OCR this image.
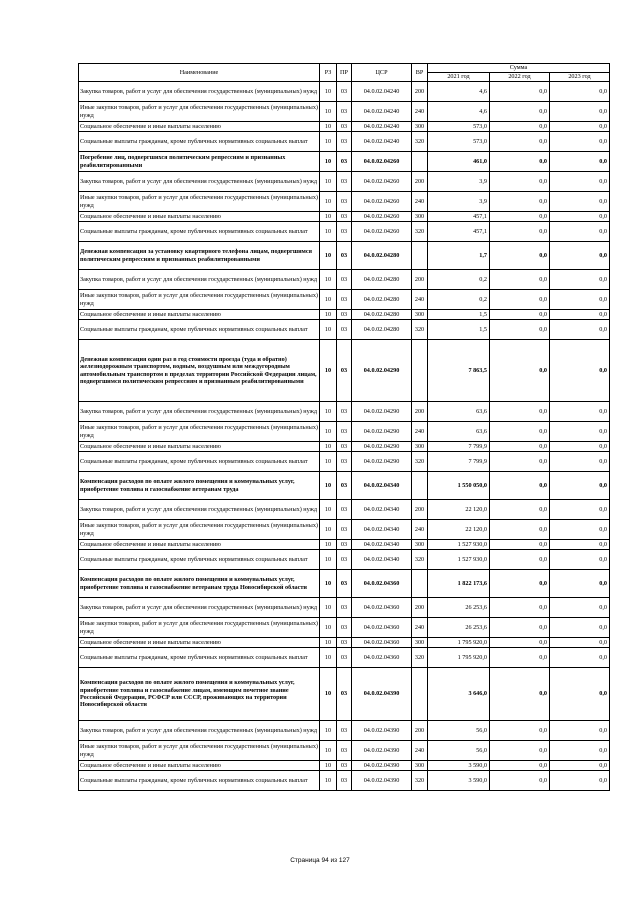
Наименование	РЗ	ПР	ЦСР	ВР	Сумма		
					2021 год	2022 год	2023 год
Закупка товаров, работ и услуг для обеспечения государственных (муниципальных) нужд	10	03	04.0.02.04240	200	4,6	0,0	0,0
Иные закупки товаров, работ и услуг для обеспечения государственных (муниципальных) нужд	10	03	04.0.02.04240	240	4,6	0,0	0,0
Социальное обеспечение и иные выплаты населению	10	03	04.0.02.04240	300	573,0	0,0	0,0
Социальные выплаты гражданам, кроме публичных нормативных социальных выплат	10	03	04.0.02.04240	320	573,0	0,0	0,0
Погребение лиц, подвергшихся политическим репрессиям и признанных реабилитированными	10	03	04.0.02.04260		461,0	0,0	0,0
Закупка товаров, работ и услуг для обеспечения государственных (муниципальных) нужд	10	03	04.0.02.04260	200	3,9	0,0	0,0
Иные закупки товаров, работ и услуг для обеспечения государственных (муниципальных) нужд	10	03	04.0.02.04260	240	3,9	0,0	0,0
Социальное обеспечение и иные выплаты населению	10	03	04.0.02.04260	300	457,1	0,0	0,0
Социальные выплаты гражданам, кроме публичных нормативных социальных выплат	10	03	04.0.02.04260	320	457,1	0,0	0,0
Денежная компенсация за установку квартирного телефона лицам, подвергшимся политическим репрессиям и признанных реабилитированными	10	03	04.0.02.04280		1,7	0,0	0,0
Закупка товаров, работ и услуг для обеспечения государственных (муниципальных) нужд	10	03	04.0.02.04280	200	0,2	0,0	0,0
Иные закупки товаров, работ и услуг для обеспечения государственных (муниципальных) нужд	10	03	04.0.02.04280	240	0,2	0,0	0,0
Социальное обеспечение и иные выплаты населению	10	03	04.0.02.04280	300	1,5	0,0	0,0
Социальные выплаты гражданам, кроме публичных нормативных социальных выплат	10	03	04.0.02.04280	320	1,5	0,0	0,0
Денежная компенсация один раз в год стоимости проезда (туда и обратно) железнодорожным транспортом, водным, воздушным или междугородным автомобильным транспортом в пределах территории Российской Федерации лицам, подвергшимся политическим репрессиям и признанным реабилитированными	10	03	04.0.02.04290		7 863,5	0,0	0,0
Закупка товаров, работ и услуг для обеспечения государственных (муниципальных) нужд	10	03	04.0.02.04290	200	63,6	0,0	0,0
Иные закупки товаров, работ и услуг для обеспечения государственных (муниципальных) нужд	10	03	04.0.02.04290	240	63,6	0,0	0,0
Социальное обеспечение и иные выплаты населению	10	03	04.0.02.04290	300	7 799,9	0,0	0,0
Социальные выплаты гражданам, кроме публичных нормативных социальных выплат	10	03	04.0.02.04290	320	7 799,9	0,0	0,0
Компенсация расходов по оплате жилого помещения и коммунальных услуг, приобретение топлива и газоснабжение ветеранам труда	10	03	04.0.02.04340		1 550 050,0	0,0	0,0
Закупка товаров, работ и услуг для обеспечения государственных (муниципальных) нужд	10	03	04.0.02.04340	200	22 120,0	0,0	0,0
Иные закупки товаров, работ и услуг для обеспечения государственных (муниципальных) нужд	10	03	04.0.02.04340	240	22 120,0	0,0	0,0
Социальное обеспечение и иные выплаты населению	10	03	04.0.02.04340	300	1 527 930,0	0,0	0,0
Социальные выплаты гражданам, кроме публичных нормативных социальных выплат	10	03	04.0.02.04340	320	1 527 930,0	0,0	0,0
Компенсация расходов по оплате жилого помещения и коммунальных услуг, приобретение топлива и газоснабжение ветеранам труда Новосибирской области	10	03	04.0.02.04360		1 822 173,6	0,0	0,0
Закупка товаров, работ и услуг для обеспечения государственных (муниципальных) нужд	10	03	04.0.02.04360	200	26 253,6	0,0	0,0
Иные закупки товаров, работ и услуг для обеспечения государственных (муниципальных) нужд	10	03	04.0.02.04360	240	26 253,6	0,0	0,0
Социальное обеспечение и иные выплаты населению	10	03	04.0.02.04360	300	1 795 920,0	0,0	0,0
Социальные выплаты гражданам, кроме публичных нормативных социальных выплат	10	03	04.0.02.04360	320	1 795 920,0	0,0	0,0
Компенсация расходов по оплате жилого помещения и коммунальных услуг, приобретение топлива и газоснабжение лицам, имеющим почетное звание Российской Федерации, РСФСР или СССР, проживающих на территории Новосибирской области	10	03	04.0.02.04390		3 646,0	0,0	0,0
Закупка товаров, работ и услуг для обеспечения государственных (муниципальных) нужд	10	03	04.0.02.04390	200	56,0	0,0	0,0
Иные закупки товаров, работ и услуг для обеспечения государственных (муниципальных) нужд	10	03	04.0.02.04390	240	56,0	0,0	0,0
Социальное обеспечение и иные выплаты населению	10	03	04.0.02.04390	300	3 590,0	0,0	0,0
Социальные выплаты гражданам, кроме публичных нормативных социальных выплат	10	03	04.0.02.04390	320	3 590,0	0,0	0,0
Страница 94 из 127
